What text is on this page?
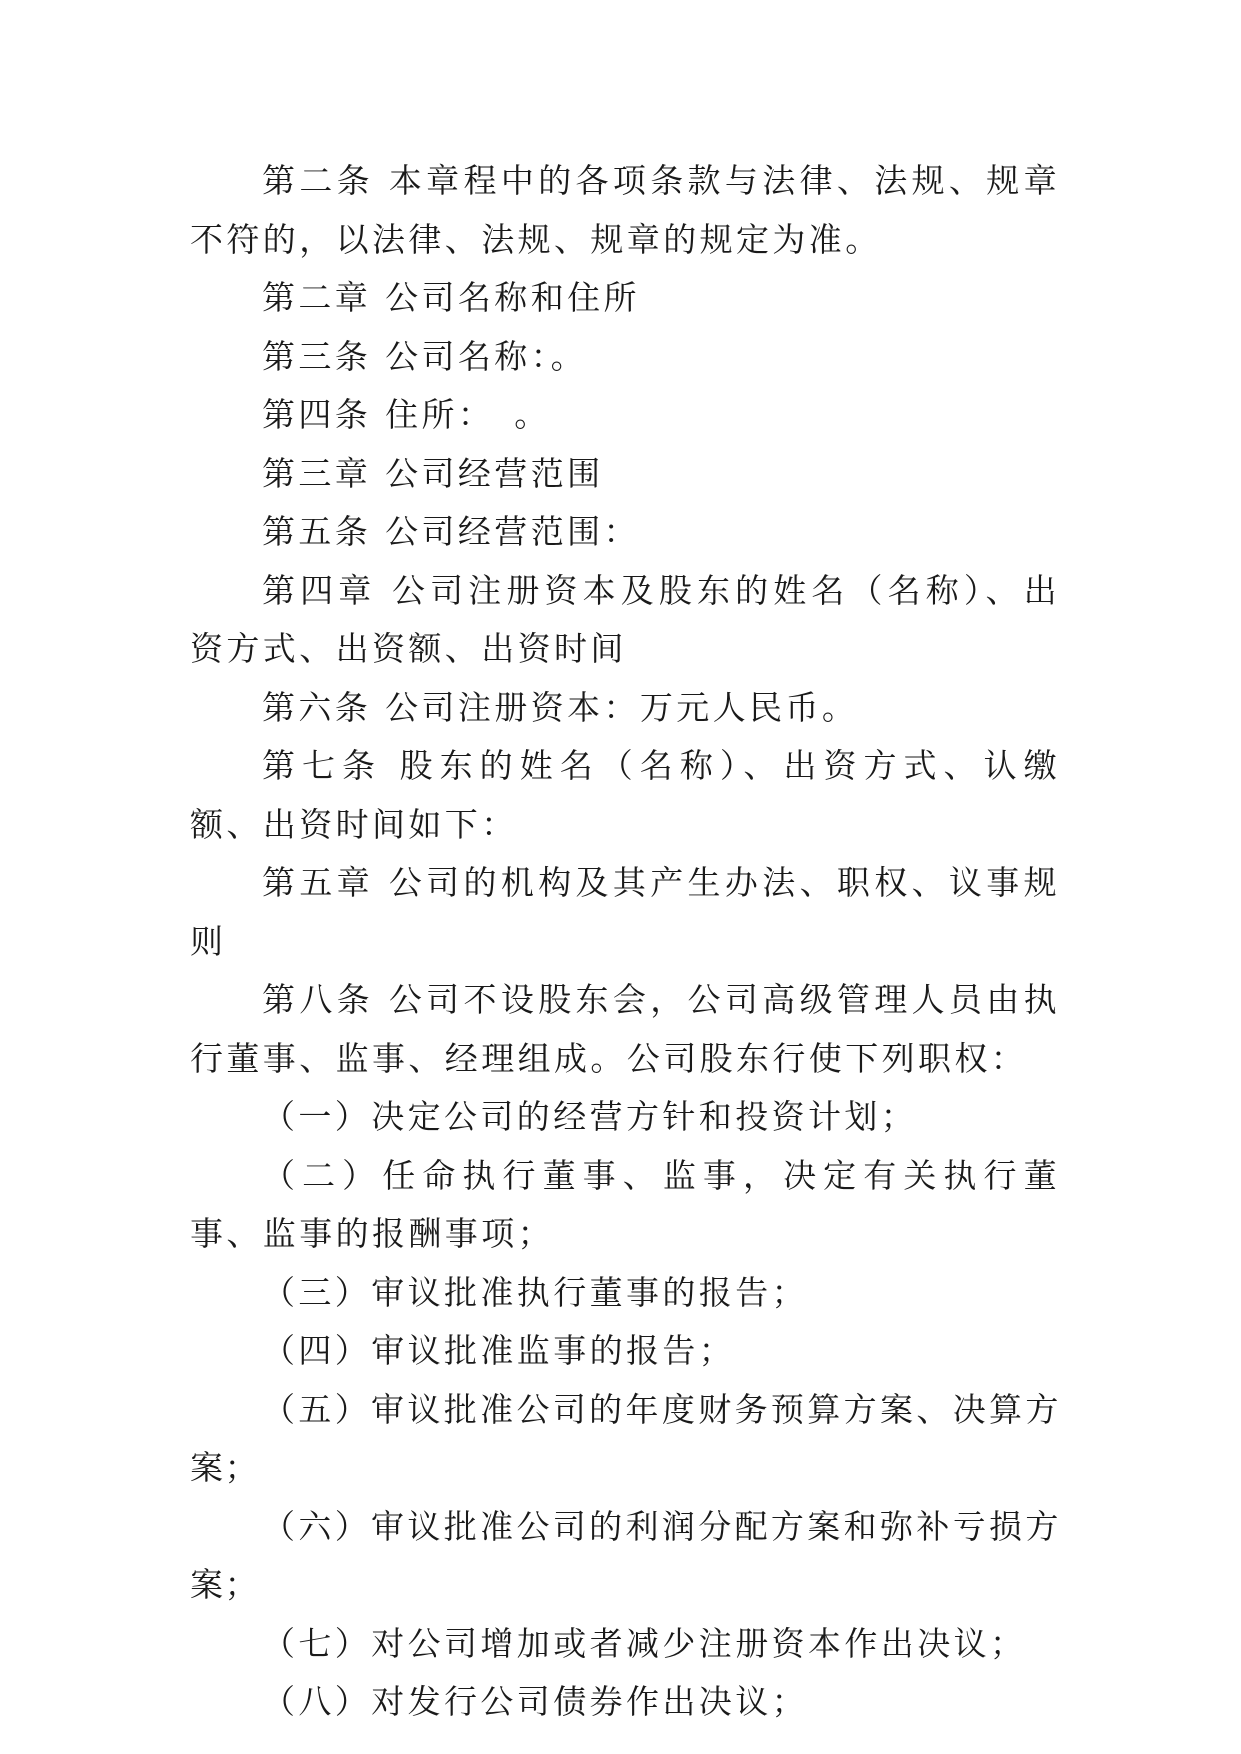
第二条 本章程中的各项条款与法律、法规、规章不符的，以法律、法规、规章的规定为准。

第二章 公司名称和住所

第三条 公司名称：。

第四条 住所：　。

第三章 公司经营范围

第五条 公司经营范围：

第四章 公司注册资本及股东的姓名（名称）、出资方式、出资额、出资时间

第六条 公司注册资本：万元人民币。

第七条 股东的姓名（名称）、出资方式、认缴额、出资时间如下：

第五章 公司的机构及其产生办法、职权、议事规则

第八条 公司不设股东会，公司高级管理人员由执行董事、监事、经理组成。公司股东行使下列职权：

（一）决定公司的经营方针和投资计划；

（二）任命执行董事、监事，决定有关执行董事、监事的报酬事项；

（三）审议批准执行董事的报告；

（四）审议批准监事的报告；

（五）审议批准公司的年度财务预算方案、决算方案；

（六）审议批准公司的利润分配方案和弥补亏损方案；

（七）对公司增加或者减少注册资本作出决议；

（八）对发行公司债券作出决议；
